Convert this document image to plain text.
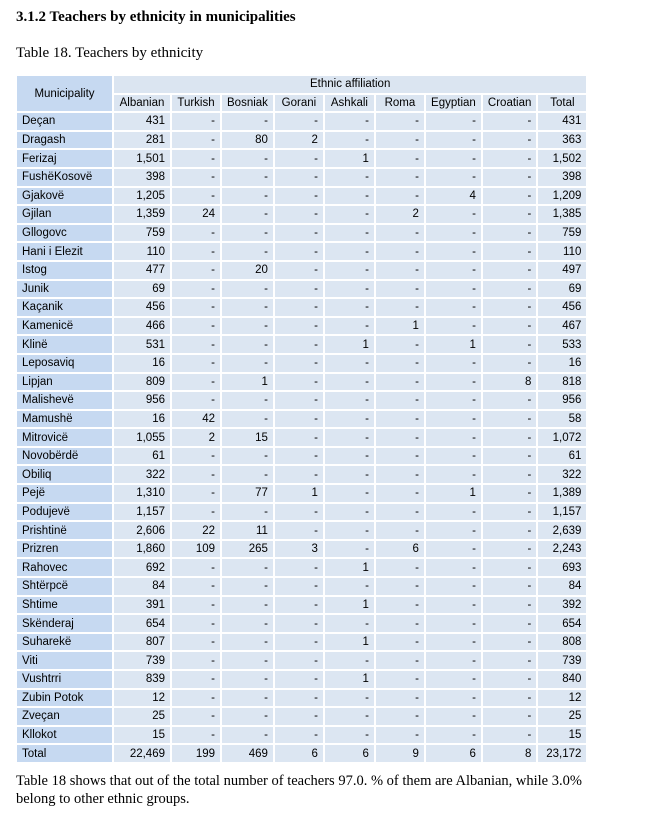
3.1.2 Teachers by ethnicity in municipalities
Table 18. Teachers by ethnicity
Municipality	Ethnic affiliation								
	Albanian	Turkish	Bosniak	Gorani	Ashkali	Roma	Egyptian	Croatian	Total
Deçan	431	-	-	-	-	-	-	-	431
Dragash	281	-	80	2	-	-	-	-	363
Ferizaj	1,501	-	-	-	1	-	-	-	1,502
FushëKosovë	398	-	-	-	-	-	-	-	398
Gjakovë	1,205	-	-	-	-	-	4	-	1,209
Gjilan	1,359	24	-	-	-	2	-	-	1,385
Gllogovc	759	-	-	-	-	-	-	-	759
Hani i Elezit	110	-	-	-	-	-	-	-	110
Istog	477	-	20	-	-	-	-	-	497
Junik	69	-	-	-	-	-	-	-	69
Kaçanik	456	-	-	-	-	-	-	-	456
Kamenicë	466	-	-	-	-	1	-	-	467
Klinë	531	-	-	-	1	-	1	-	533
Leposaviq	16	-	-	-	-	-	-	-	16
Lipjan	809	-	1	-	-	-	-	8	818
Malishevë	956	-	-	-	-	-	-	-	956
Mamushë	16	42	-	-	-	-	-	-	58
Mitrovicë	1,055	2	15	-	-	-	-	-	1,072
Novobërdë	61	-	-	-	-	-	-	-	61
Obiliq	322	-	-	-	-	-	-	-	322
Pejë	1,310	-	77	1	-	-	1	-	1,389
Podujevë	1,157	-	-	-	-	-	-	-	1,157
Prishtinë	2,606	22	11	-	-	-	-	-	2,639
Prizren	1,860	109	265	3	-	6	-	-	2,243
Rahovec	692	-	-	-	1	-	-	-	693
Shtërpcë	84	-	-	-	-	-	-	-	84
Shtime	391	-	-	-	1	-	-	-	392
Skënderaj	654	-	-	-	-	-	-	-	654
Suharekë	807	-	-	-	1	-	-	-	808
Viti	739	-	-	-	-	-	-	-	739
Vushtrri	839	-	-	-	1	-	-	-	840
Zubin Potok	12	-	-	-	-	-	-	-	12
Zveçan	25	-	-	-	-	-	-	-	25
Kllokot	15	-	-	-	-	-	-	-	15
Total	22,469	199	469	6	6	9	6	8	23,172
Table 18 shows that out of the total number of teachers 97.0. % of them are Albanian, while 3.0% belong to other ethnic groups.
